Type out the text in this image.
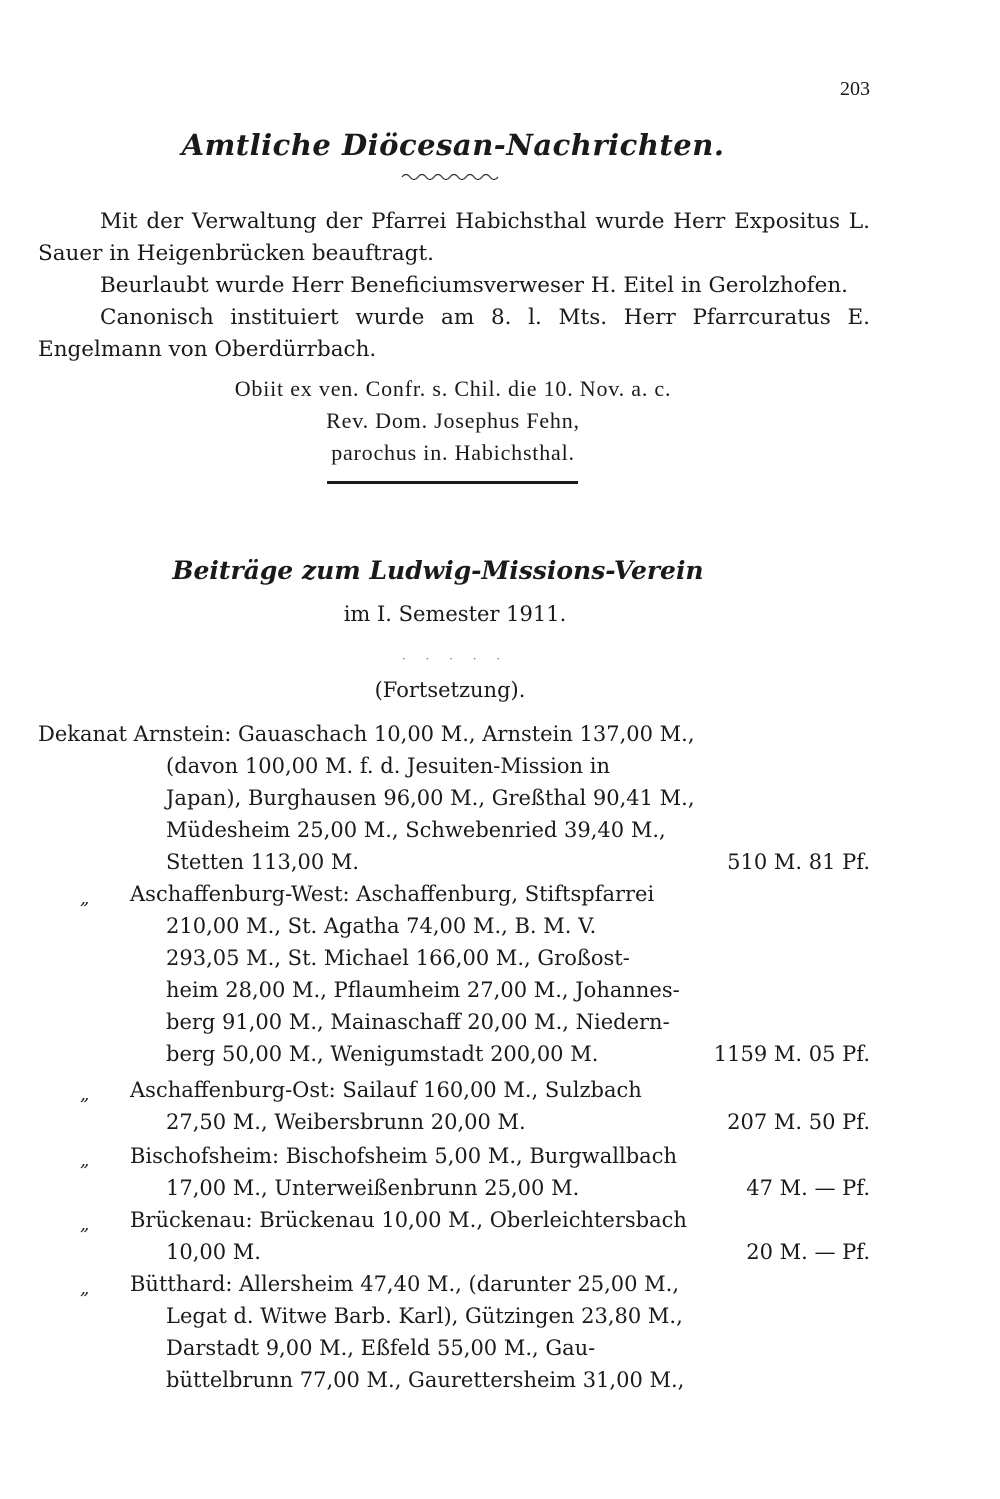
203
Amtliche Diöcesan-Nachrichten.
Mit der Verwaltung der Pfarrei Habichsthal wurde Herr Expositus L. Sauer in Heigenbrücken beauftragt.
Beurlaubt wurde Herr Beneficiumsverweser H. Eitel in Gerolzhofen.
Canonisch instituiert wurde am 8. l. Mts. Herr Pfarrcuratus E. Engelmann von Oberdürrbach.
Obiit ex ven. Confr. s. Chil. die 10. Nov. a. c.
Rev. Dom. Josephus Fehn,
parochus in. Habichsthal.
Beiträge zum Ludwig-Missions-Verein
im I. Semester 1911.
· · · · ·
(Fortsetzung).
Dekanat Arnstein: Gauaschach 10,00 M., Arnstein 137,00 M.,
(davon 100,00 M. f. d. Jesuiten-Mission in
Japan), Burghausen 96,00 M., Greßthal 90,41 M.,
Müdesheim 25,00 M., Schwebenried 39,40 M.,
Stetten 113,00 M.	510 M. 81 Pf.
„ Aschaffenburg-West: Aschaffenburg, Stiftspfarrei
210,00 M., St. Agatha 74,00 M., B. M. V.
293,05 M., St. Michael 166,00 M., Großost-
heim 28,00 M., Pflaumheim 27,00 M., Johannes-
berg 91,00 M., Mainaschaff 20,00 M., Niedern-
berg 50,00 M., Wenigumstadt 200,00 M.	1159 M. 05 Pf.
„ Aschaffenburg-Ost: Sailauf 160,00 M., Sulzbach
27,50 M., Weibersbrunn 20,00 M.	207 M. 50 Pf.
„ Bischofsheim: Bischofsheim 5,00 M., Burgwallbach
17,00 M., Unterweißenbrunn 25,00 M.	47 M. — Pf.
„ Brückenau: Brückenau 10,00 M., Oberleichtersbach
10,00 M.	20 M. — Pf.
„ Bütthard: Allersheim 47,40 M., (darunter 25,00 M.,
Legat d. Witwe Barb. Karl), Gützingen 23,80 M.,
Darstadt 9,00 M., Eßfeld 55,00 M., Gau-
büttelbrunn 77,00 M., Gaurettersheim 31,00 M.,
